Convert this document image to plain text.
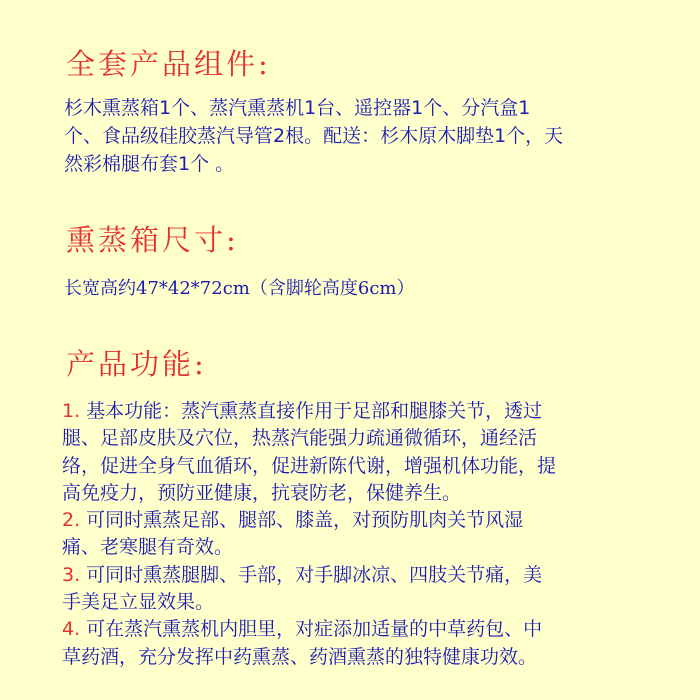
全套产品组件:
杉木熏蒸箱1个、蒸汽熏蒸机1台、遥控器1个、分汽盒1
个、食品级硅胶蒸汽导管2根。配送：杉木原木脚垫1个，天
然彩棉腿布套1个 。
熏蒸箱尺寸:
长宽高约47*42*72cm（含脚轮高度6cm）
产品功能:
1. 基本功能：蒸汽熏蒸直接作用于足部和腿膝关节，透过
腿、足部皮肤及穴位，热蒸汽能强力疏通微循环，通经活
络，促进全身气血循环，促进新陈代谢，增强机体功能，提
高免疫力，预防亚健康，抗衰防老，保健养生。
2. 可同时熏蒸足部、腿部、膝盖，对预防肌肉关节风湿
痛、老寒腿有奇效。
3. 可同时熏蒸腿脚、手部，对手脚冰凉、四肢关节痛，美
手美足立显效果。
4. 可在蒸汽熏蒸机内胆里，对症添加适量的中草药包、中
草药酒，充分发挥中药熏蒸、药酒熏蒸的独特健康功效。
